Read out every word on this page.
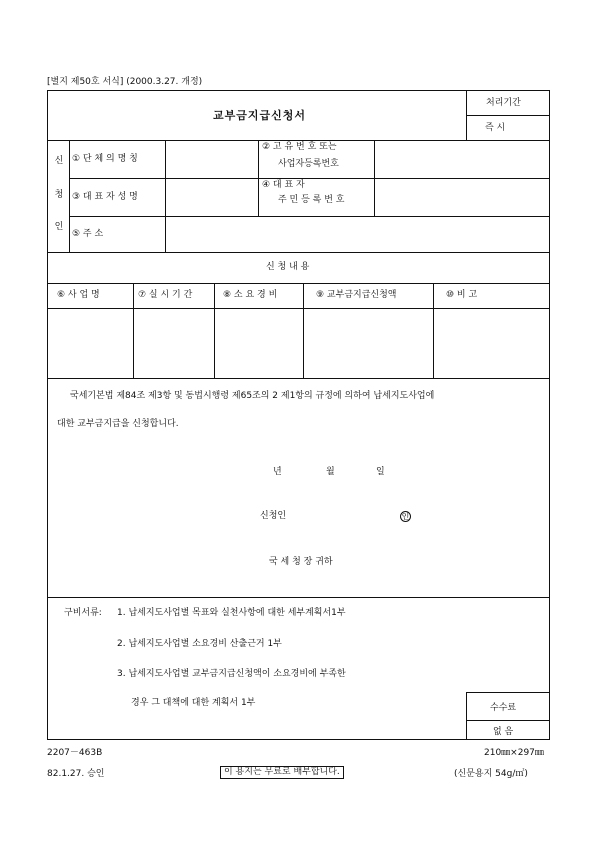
[별지 제50호 서식] (2000.3.27. 개정)
교부금지급신청서
처리기간
즉 시
신
청
인
① 단 체 의 명 칭
② 고 유 번 호 또는
사업자등록번호
③ 대 표 자 성 명
④ 대 표 자
주 민 등 록 번 호
⑤ 주 소
신 청 내 용
⑥ 사 업 명	⑦ 실 시 기 간	⑧ 소 요 경 비	⑨ 교부금지급신청액	⑩ 비 고
국세기본법 제84조 제3항 및 동법시행령 제65조의 2 제1항의 규정에 의하여 납세지도사업에
대한 교부금지급을 신청합니다.
년	월	일
신청인	인
국 세 청 장 귀하
구비서류: 1. 납세지도사업별 목표와 실천사항에 대한 세부계획서1부
2. 납세지도사업별 소요경비 산출근거 1부
3. 납세지도사업별 교부금지급신청액이 소요경비에 부족한
경우 그 대책에 대한 계획서 1부	수수료
없 음
2207－463B	210㎜×297㎜
82.1.27. 승인	이 용지는 무료로 배부합니다.	(신문용지 54g/㎡)
